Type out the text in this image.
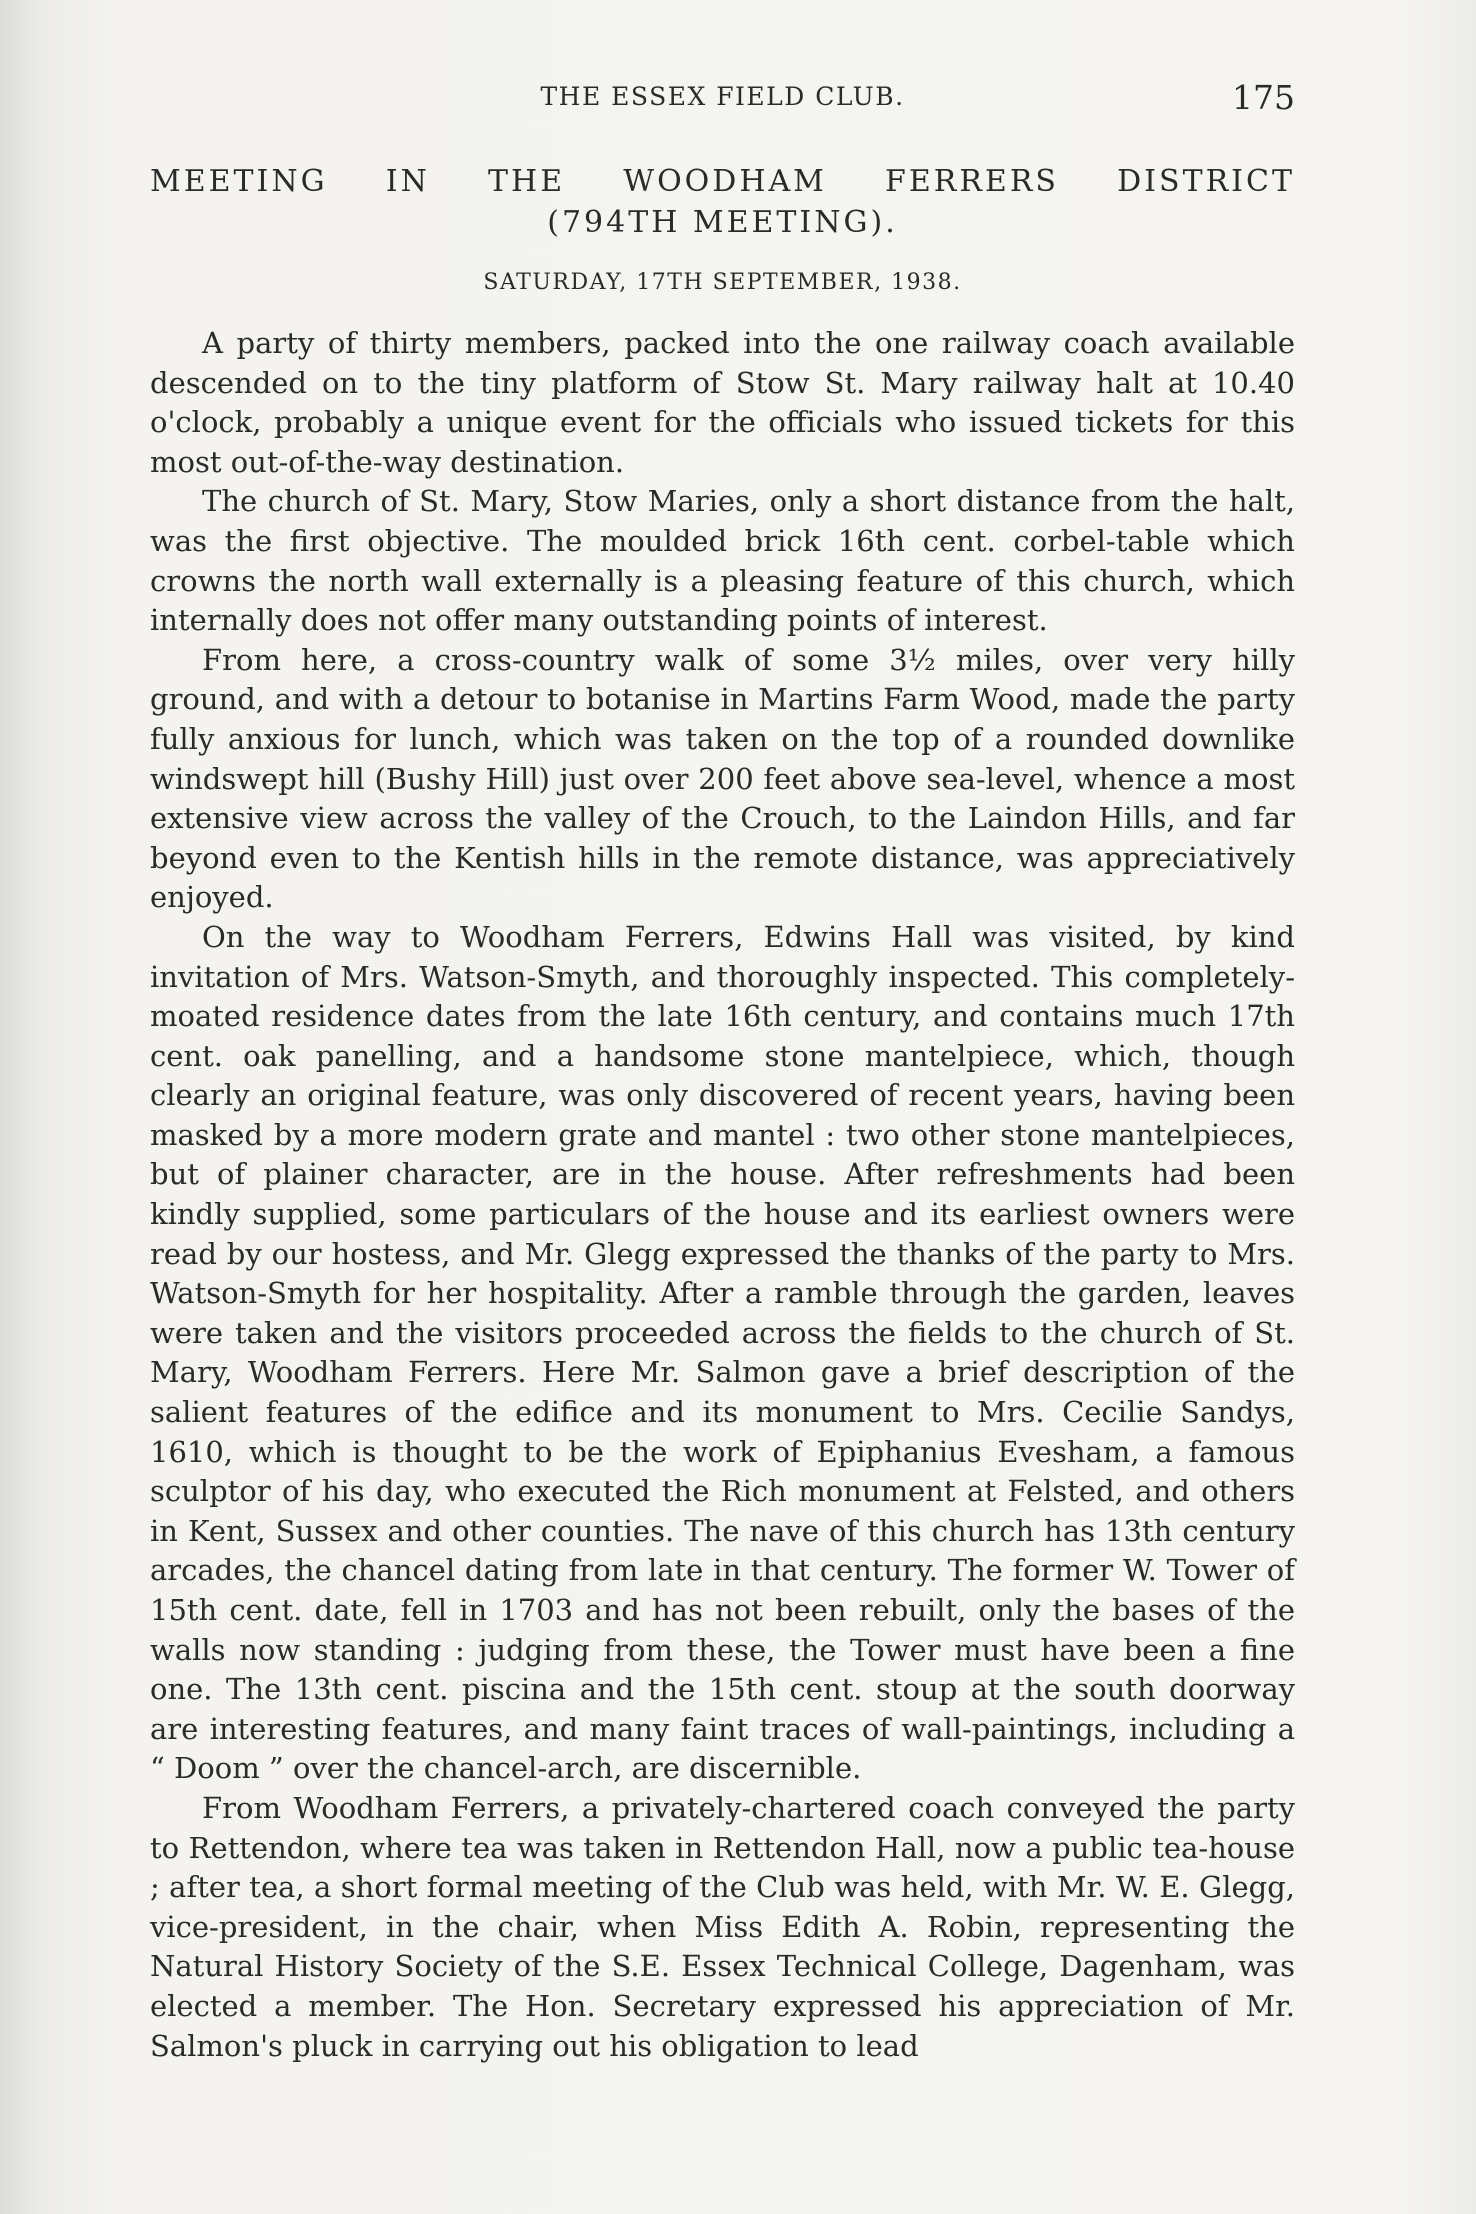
THE ESSEX FIELD CLUB.	175
MEETING IN THE WOODHAM FERRERS DISTRICT
(794TH MEETING).
SATURDAY, 17TH SEPTEMBER, 1938.

A party of thirty members, packed into the one railway coach available descended on to the tiny platform of Stow St. Mary railway halt at 10.40 o'clock, probably a unique event for the officials who issued tickets for this most out-of-the-way destination.

The church of St. Mary, Stow Maries, only a short distance from the halt, was the first objective. The moulded brick 16th cent. corbel-table which crowns the north wall externally is a pleasing feature of this church, which internally does not offer many outstanding points of interest.

From here, a cross-country walk of some 3½ miles, over very hilly ground, and with a detour to botanise in Martins Farm Wood, made the party fully anxious for lunch, which was taken on the top of a rounded downlike windswept hill (Bushy Hill) just over 200 feet above sea-level, whence a most extensive view across the valley of the Crouch, to the Laindon Hills, and far beyond even to the Kentish hills in the remote distance, was appreciatively enjoyed.

On the way to Woodham Ferrers, Edwins Hall was visited, by kind invitation of Mrs. Watson-Smyth, and thoroughly inspected. This completely-moated residence dates from the late 16th century, and contains much 17th cent. oak panelling, and a handsome stone mantelpiece, which, though clearly an original feature, was only discovered of recent years, having been masked by a more modern grate and mantel : two other stone mantelpieces, but of plainer character, are in the house. After refreshments had been kindly supplied, some particulars of the house and its earliest owners were read by our hostess, and Mr. Glegg expressed the thanks of the party to Mrs. Watson-Smyth for her hospitality. After a ramble through the garden, leaves were taken and the visitors proceeded across the fields to the church of St. Mary, Woodham Ferrers. Here Mr. Salmon gave a brief description of the salient features of the edifice and its monument to Mrs. Cecilie Sandys, 1610, which is thought to be the work of Epiphanius Evesham, a famous sculptor of his day, who executed the Rich monument at Felsted, and others in Kent, Sussex and other counties. The nave of this church has 13th century arcades, the chancel dating from late in that century. The former W. Tower of 15th cent. date, fell in 1703 and has not been rebuilt, only the bases of the walls now standing : judging from these, the Tower must have been a fine one. The 13th cent. piscina and the 15th cent. stoup at the south doorway are interesting features, and many faint traces of wall-paintings, including a “ Doom ” over the chancel-arch, are discernible.

From Woodham Ferrers, a privately-chartered coach conveyed the party to Rettendon, where tea was taken in Rettendon Hall, now a public tea-house ; after tea, a short formal meeting of the Club was held, with Mr. W. E. Glegg, vice-president, in the chair, when Miss Edith A. Robin, representing the Natural History Society of the S.E. Essex Technical College, Dagenham, was elected a member. The Hon. Secretary expressed his appreciation of Mr. Salmon's pluck in carrying out his obligation to lead
